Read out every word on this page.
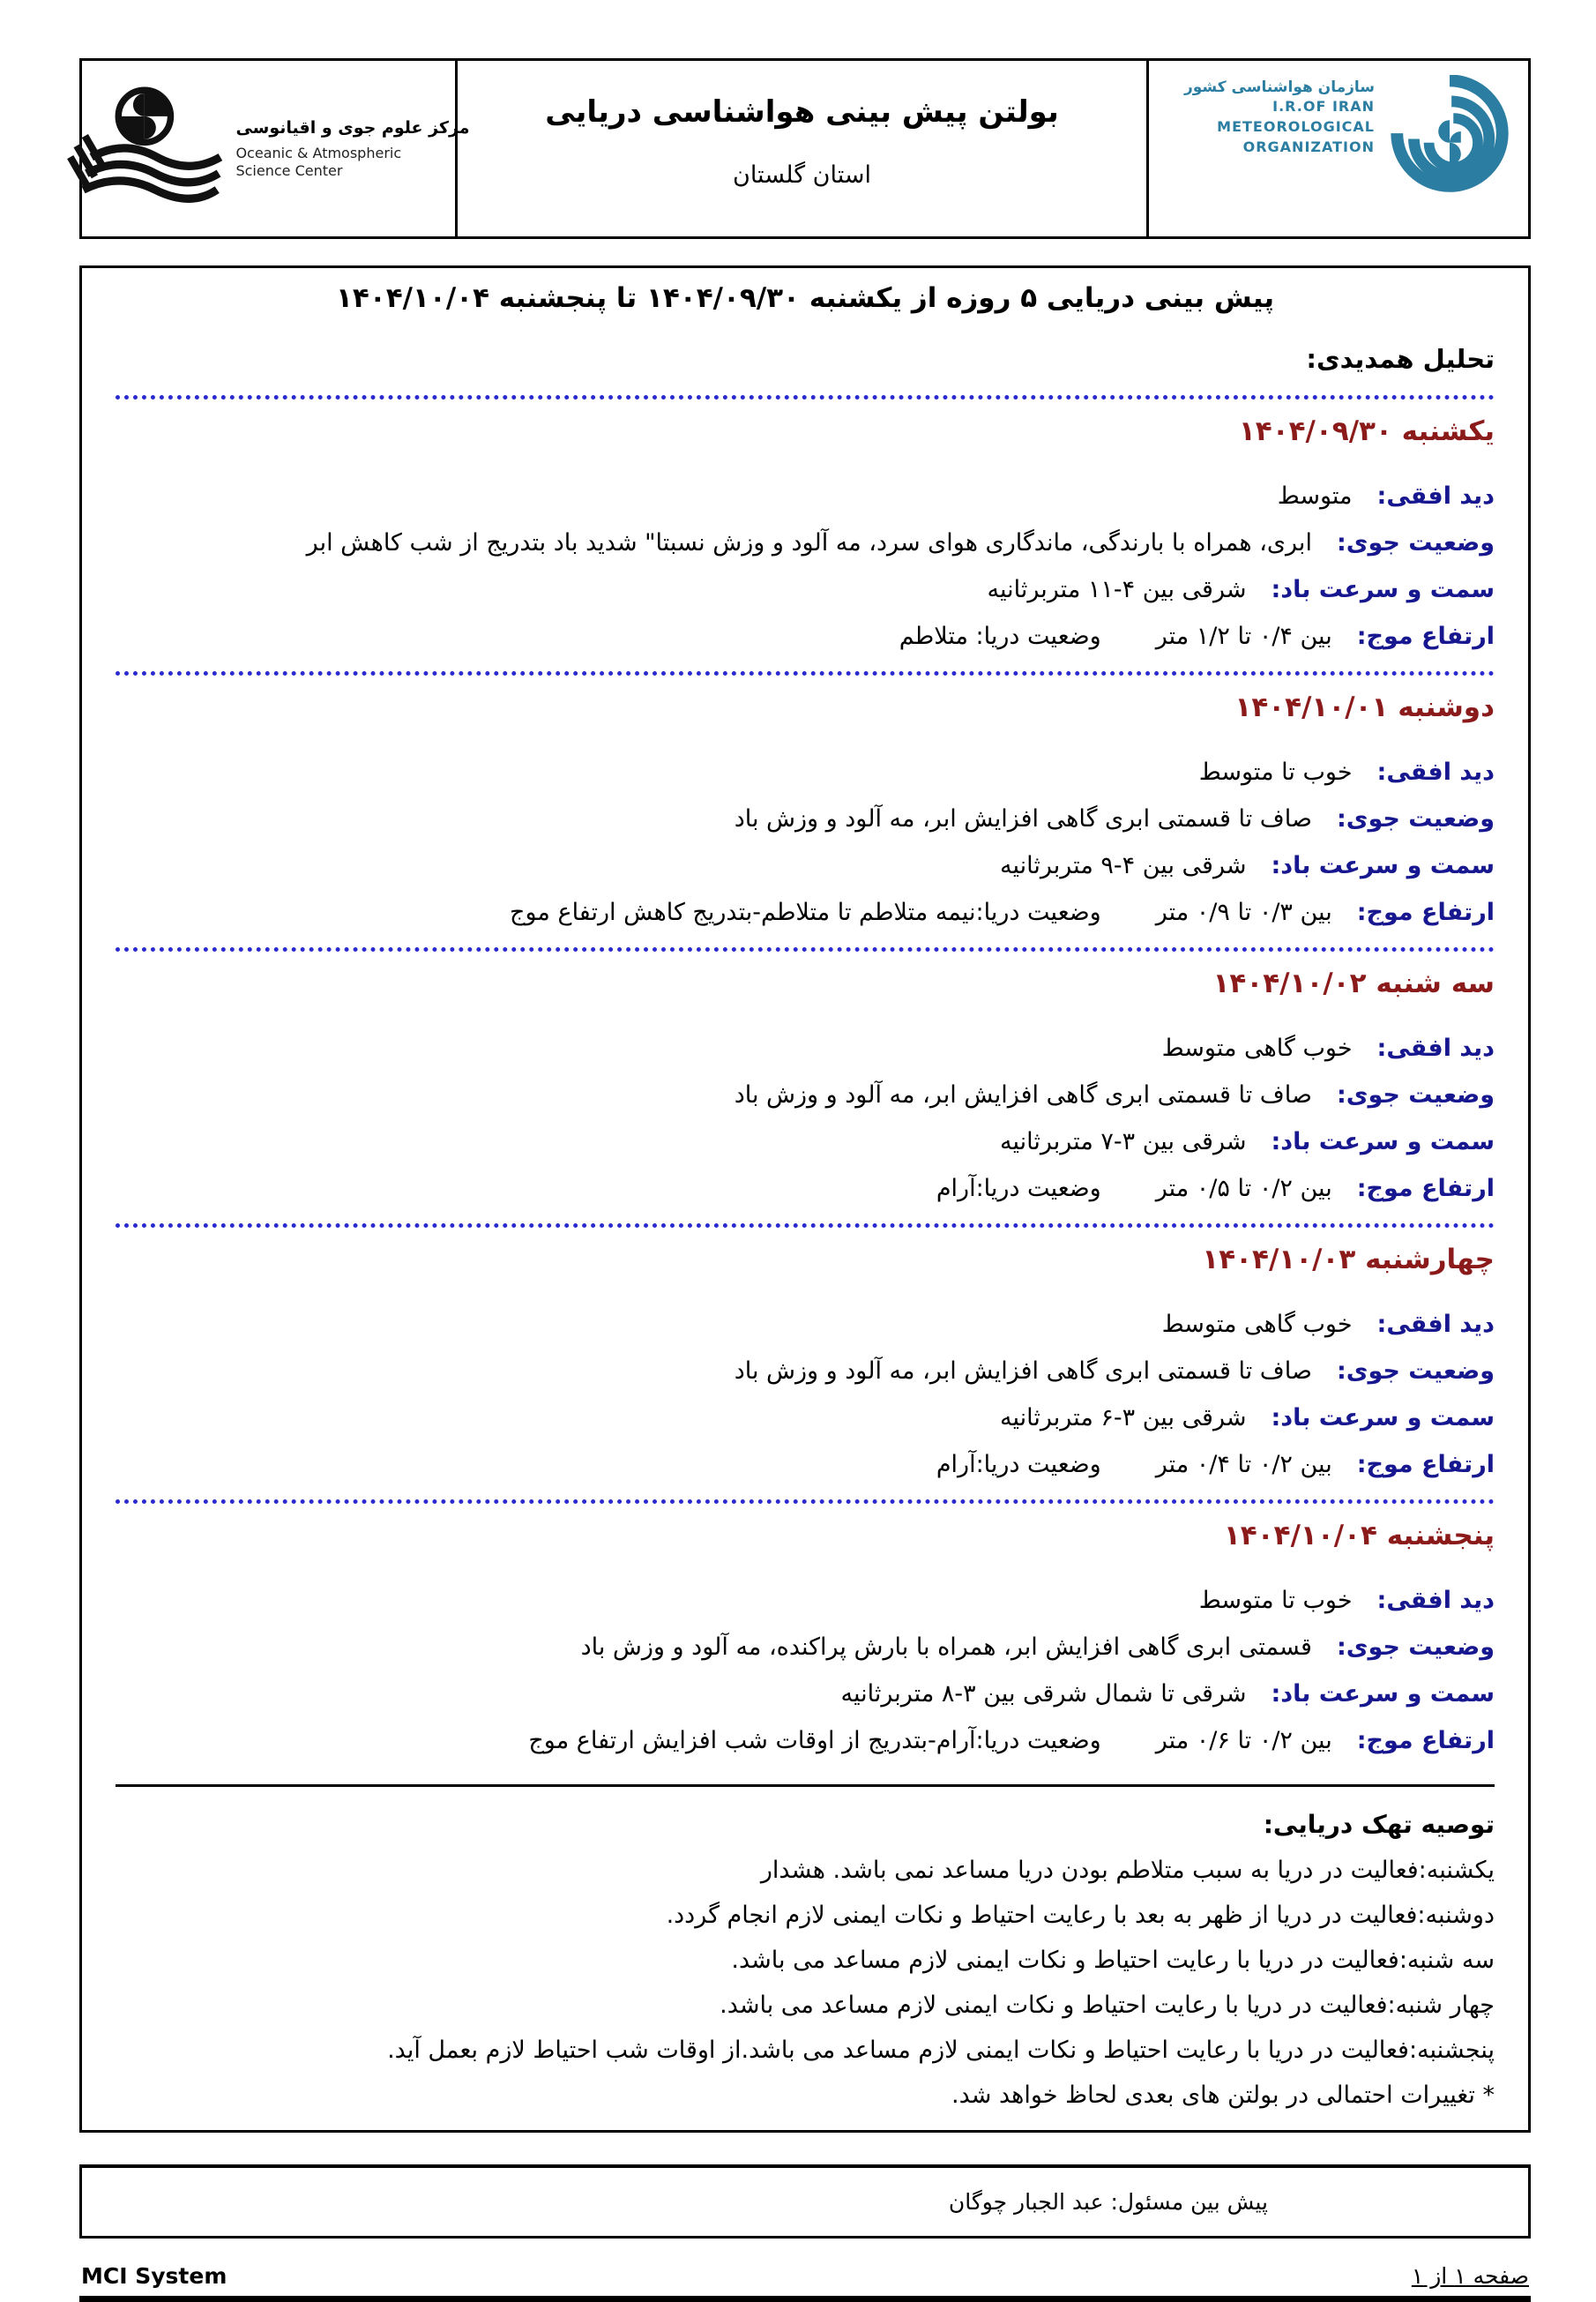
مرکز علوم جوی و اقیانوسی
Oceanic & Atmospheric
Science Center
بولتن پیش بینی هواشناسی دریایی
استان گلستان
سازمان هواشناسی کشور
I.R.OF IRAN
METEOROLOGICAL
ORGANIZATION
پیش بینی دریایی ۵ روزه از یکشنبه ۱۴۰۴/۰۹/۳۰ تا پنجشنبه ۱۴۰۴/۱۰/۰۴
تحلیل همدیدی:
یکشنبه ۱۴۰۴/۰۹/۳۰
دید افقی:متوسط
وضعیت جوی:ابری، همراه با بارندگی، ماندگاری هوای سرد، مه آلود و وزش نسبتا" شدید باد بتدریج از شب کاهش ابر
سمت و سرعت باد:شرقی بین ۴-۱۱ متربرثانیه
ارتفاع موج:بین ۰/۴ تا ۱/۲ متروضعیت دریا: متلاطم
دوشنبه ۱۴۰۴/۱۰/۰۱
دید افقی:خوب تا متوسط
وضعیت جوی:صاف تا قسمتی ابری گاهی افزایش ابر، مه آلود و وزش باد
سمت و سرعت باد:شرقی بین ۴-۹ متربرثانیه
ارتفاع موج:بین ۰/۳ تا ۰/۹ متروضعیت دریا:نیمه متلاطم تا متلاطم-بتدریج کاهش ارتفاع موج
سه شنبه ۱۴۰۴/۱۰/۰۲
دید افقی:خوب گاهی متوسط
وضعیت جوی:صاف تا قسمتی ابری گاهی افزایش ابر، مه آلود و وزش باد
سمت و سرعت باد:شرقی بین ۳-۷ متربرثانیه
ارتفاع موج:بین ۰/۲ تا ۰/۵ متروضعیت دریا:آرام
چهارشنبه ۱۴۰۴/۱۰/۰۳
دید افقی:خوب گاهی متوسط
وضعیت جوی:صاف تا قسمتی ابری گاهی افزایش ابر، مه آلود و وزش باد
سمت و سرعت باد:شرقی بین ۳-۶ متربرثانیه
ارتفاع موج:بین ۰/۲ تا ۰/۴ متروضعیت دریا:آرام
پنجشنبه ۱۴۰۴/۱۰/۰۴
دید افقی:خوب تا متوسط
وضعیت جوی:قسمتی ابری گاهی افزایش ابر، همراه با بارش پراکنده، مه آلود و وزش باد
سمت و سرعت باد:شرقی تا شمال شرقی بین ۳-۸ متربرثانیه
ارتفاع موج:بین ۰/۲ تا ۰/۶ متروضعیت دریا:آرام-بتدریج از اوقات شب افزایش ارتفاع موج
توصیه تهک دریایی:
یکشنبه:فعالیت در دریا به سبب متلاطم بودن دریا مساعد نمی باشد. هشدار
دوشنبه:فعالیت در دریا از ظهر به بعد با رعایت احتیاط و نکات ایمنی لازم انجام گردد.
سه شنبه:فعالیت در دریا با رعایت احتیاط و نکات ایمنی لازم مساعد می باشد.
چهار شنبه:فعالیت در دریا با رعایت احتیاط و نکات ایمنی لازم مساعد می باشد.
پنجشنبه:فعالیت در دریا با رعایت احتیاط و نکات ایمنی لازم مساعد می باشد.از اوقات شب احتیاط لازم بعمل آید.
* تغییرات احتمالی در بولتن های بعدی لحاظ خواهد شد.
پیش بین مسئول: عبد الجبار چوگان
MCI System	صفحه ۱ از ۱
